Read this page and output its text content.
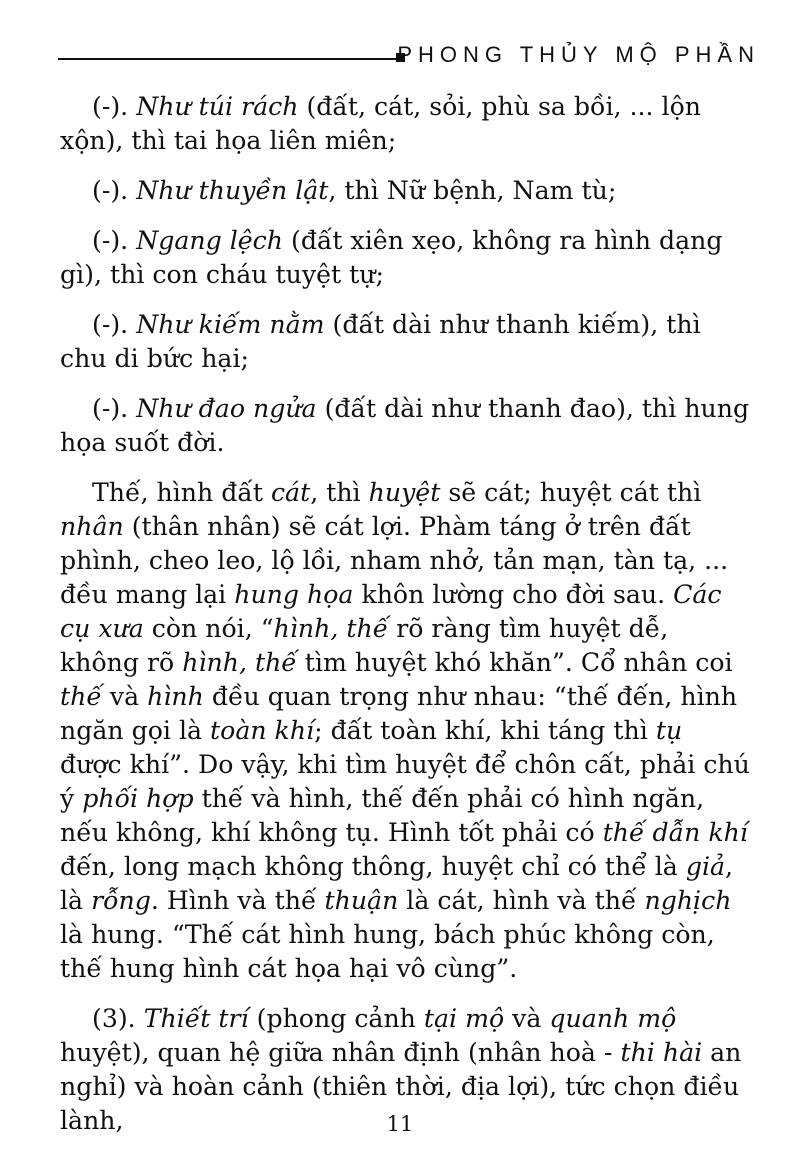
PHONG THỦY MỘ PHẦN

(-). Như túi rách (đất, cát, sỏi, phù sa bồi, ... lộn xộn), thì tai họa liên miên;

(-). Như thuyền lật, thì Nữ bệnh, Nam tù;

(-). Ngang lệch (đất xiên xẹo, không ra hình dạng gì), thì con cháu tuyệt tự;

(-). Như kiếm nằm (đất dài như thanh kiếm), thì chu di bức hại;

(-). Như đao ngửa (đất dài như thanh đao), thì hung họa suốt đời.

Thế, hình đất cát, thì huyệt sẽ cát; huyệt cát thì nhân (thân nhân) sẽ cát lợi. Phàm táng ở trên đất phình, cheo leo, lộ lồi, nham nhở, tản mạn, tàn tạ, ... đều mang lại hung họa khôn lường cho đời sau. Các cụ xưa còn nói, “hình, thế rõ ràng tìm huyệt dễ, không rõ hình, thế tìm huyệt khó khăn”. Cổ nhân coi thế và hình đều quan trọng như nhau: “thế đến, hình ngăn gọi là toàn khí; đất toàn khí, khi táng thì tụ được khí”. Do vậy, khi tìm huyệt để chôn cất, phải chú ý phối hợp thế và hình, thế đến phải có hình ngăn, nếu không, khí không tụ. Hình tốt phải có thế dẫn khí đến, long mạch không thông, huyệt chỉ có thể là giả, là rỗng. Hình và thế thuận là cát, hình và thế nghịch là hung. “Thế cát hình hung, bách phúc không còn, thế hung hình cát họa hại vô cùng”.

(3). Thiết trí (phong cảnh tại mộ và quanh mộ huyệt), quan hệ giữa nhân định (nhân hoà - thi hài an nghỉ) và hoàn cảnh (thiên thời, địa lợi), tức chọn điều lành,	11
